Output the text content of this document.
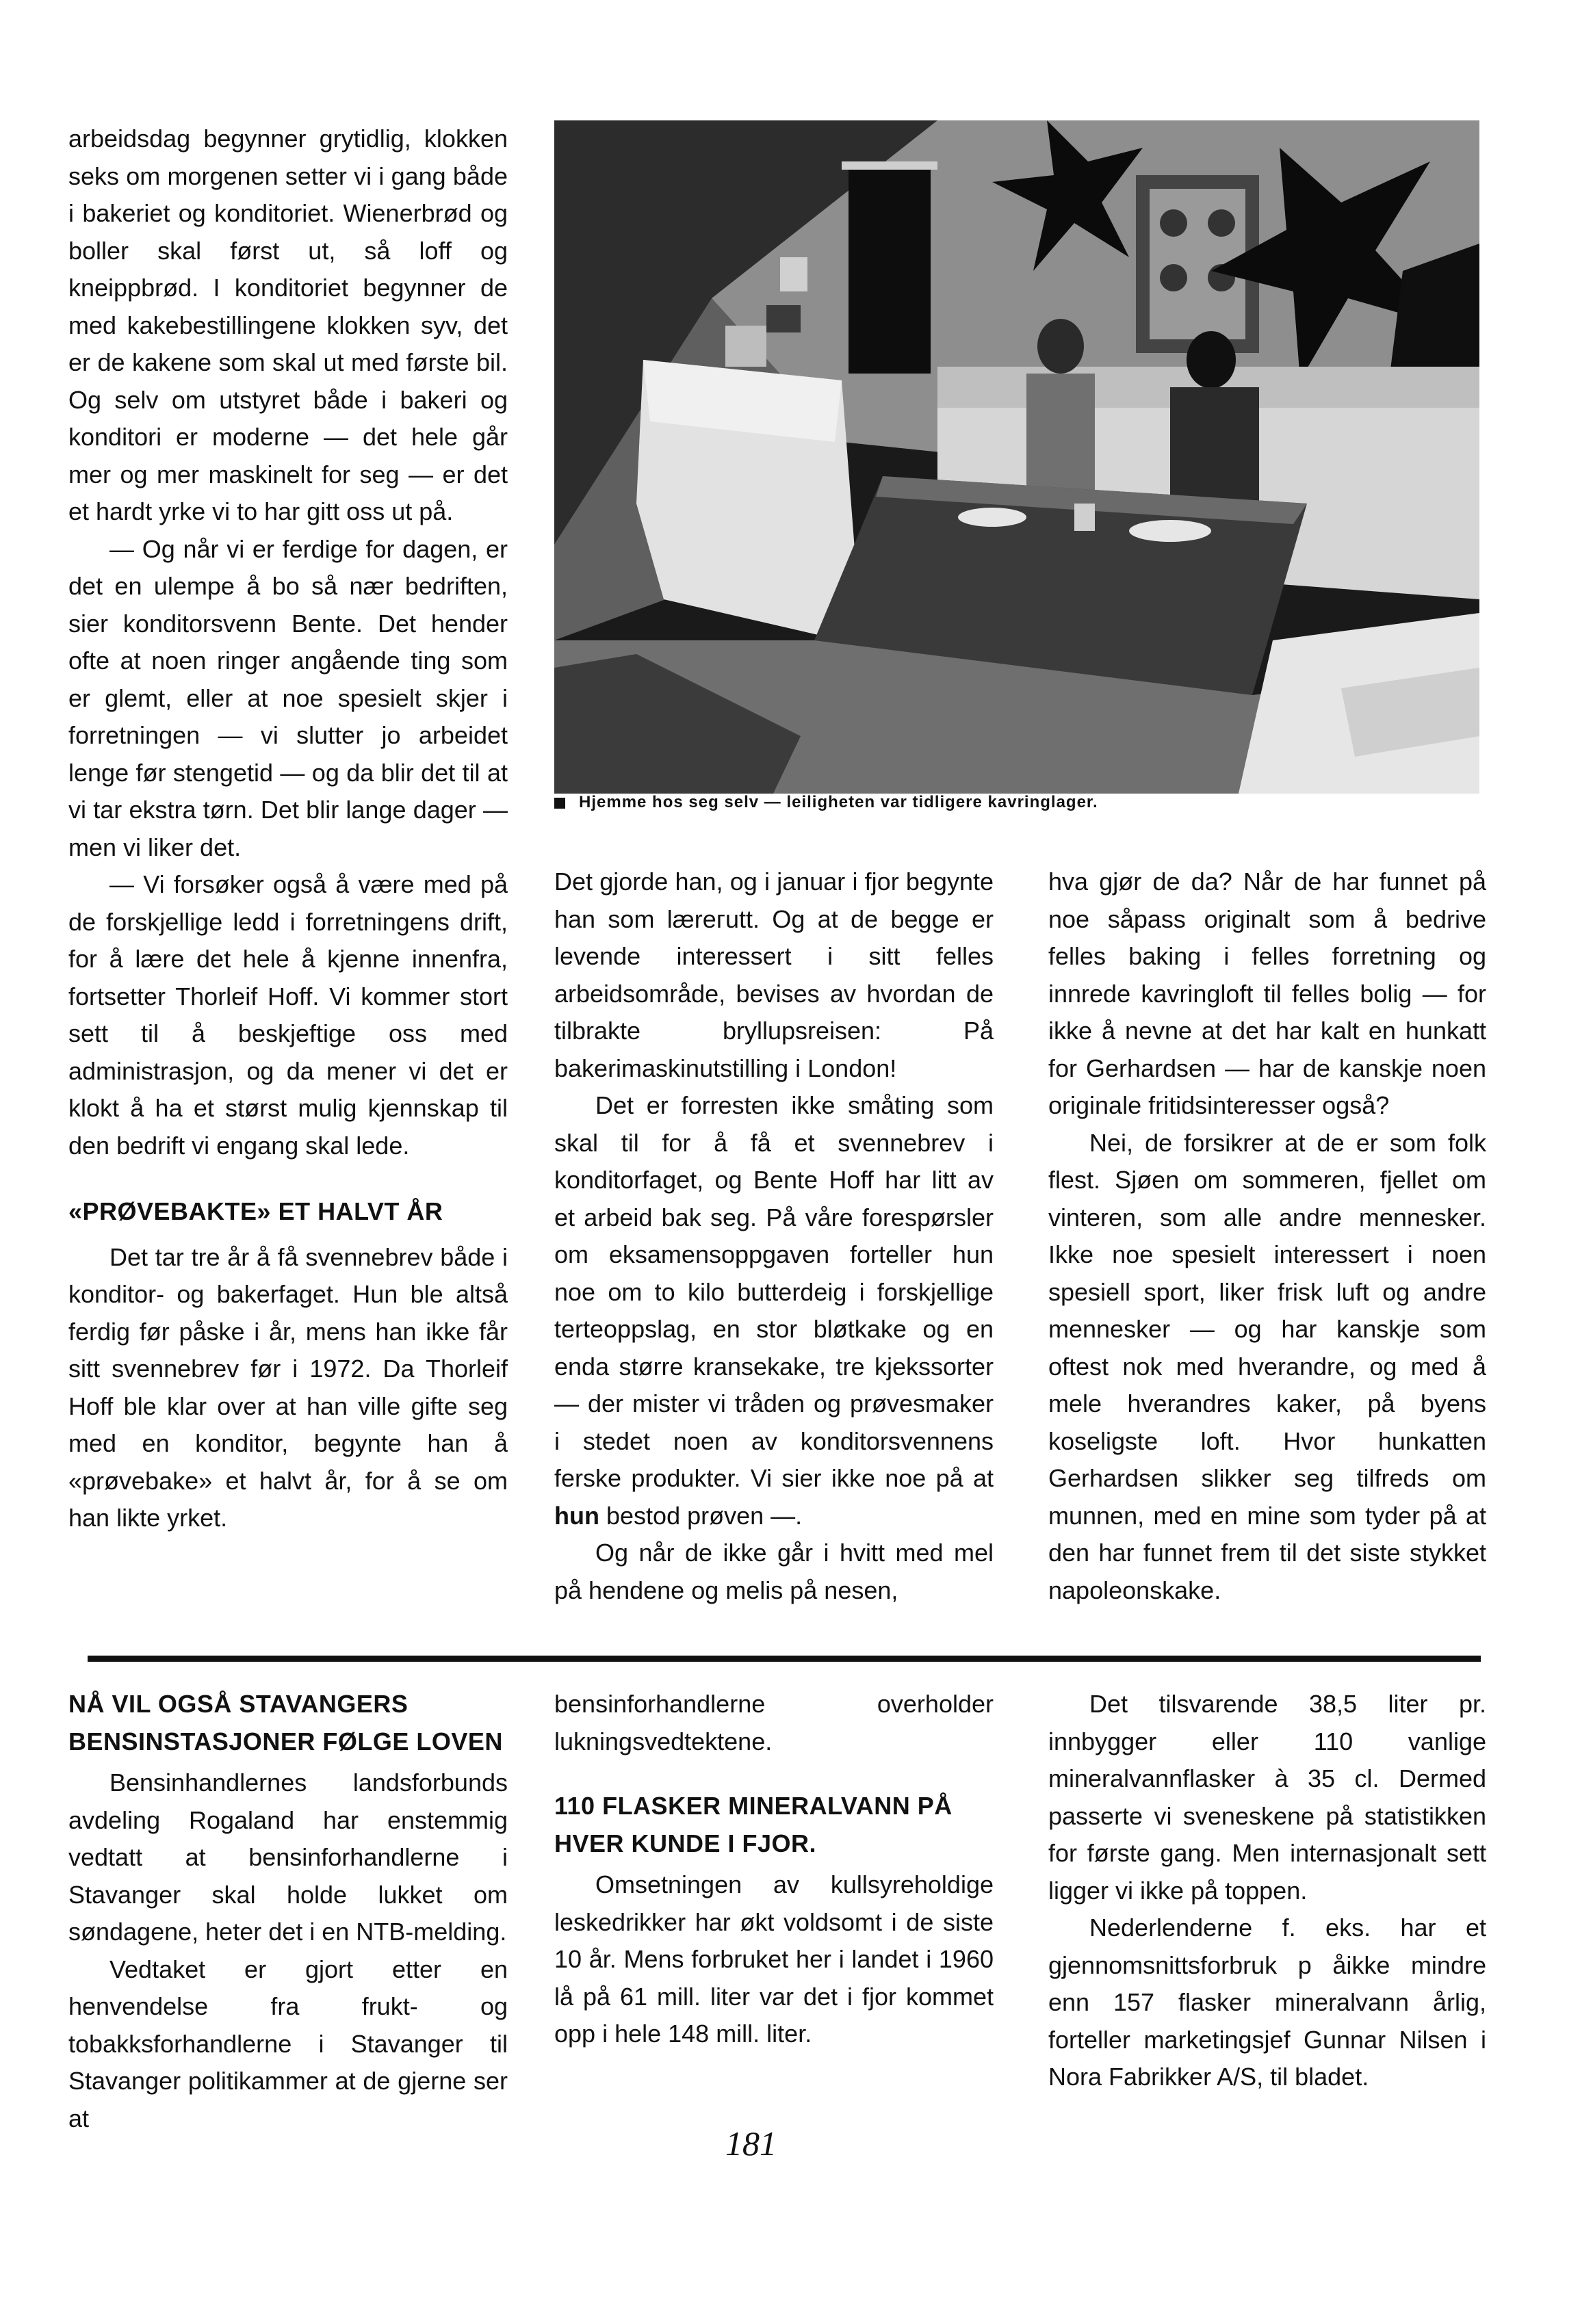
arbeidsdag begynner grytidlig, klokken seks om morgenen setter vi i gang både i bakeriet og konditoriet. Wienerbrød og boller skal først ut, så loff og kneippbrød. I konditoriet begynner de med kakebestillingene klokken syv, det er de kakene som skal ut med første bil. Og selv om utstyret både i bakeri og konditori er moderne — det hele går mer og mer maskinelt for seg — er det et hardt yrke vi to har gitt oss ut på.

— Og når vi er ferdige for dagen, er det en ulempe å bo så nær bedriften, sier konditorsvenn Bente. Det hender ofte at noen ringer angående ting som er glemt, eller at noe spesielt skjer i forretningen — vi slutter jo arbeidet lenge før stengetid — og da blir det til at vi tar ekstra tørn. Det blir lange dager — men vi liker det.

— Vi forsøker også å være med på de forskjellige ledd i forretningens drift, for å lære det hele å kjenne innenfra, fortsetter Thorleif Hoff. Vi kommer stort sett til å beskjeftige oss med administrasjon, og da mener vi det er klokt å ha et størst mulig kjennskap til den bedrift vi engang skal lede.

«PRØVEBAKTE» ET HALVT ÅR

Det tar tre år å få svennebrev både i konditor- og bakerfaget. Hun ble altså ferdig før påske i år, mens han ikke får sitt svennebrev før i 1972. Da Thorleif Hoff ble klar over at han ville gifte seg med en konditor, begynte han å «prøvebake» et halvt år, for å se om han likte yrket.

Hjemme hos seg selv — leiligheten var tidligere kavringlager.

Det gjorde han, og i januar i fjor begynte han som lærегutt. Og at de begge er levende interessert i sitt felles arbeidsområde, bevises av hvordan de tilbrakte bryllupsreisen: På bakerimaskinutstilling i London!

Det er forresten ikke småting som skal til for å få et svennebrev i konditorfaget, og Bente Hoff har litt av et arbeid bak seg. På våre forespørsler om eksamensoppgaven forteller hun noe om to kilo butterdeig i forskjellige terteoppslag, en stor bløtkake og en enda større kransekake, tre kjekssorter — der mister vi tråden og prøvesmaker i stedet noen av konditorsvennens ferske produkter. Vi sier ikke noe på at hun bestod prøven —.

Og når de ikke går i hvitt med mel på hendene og melis på nesen,

hva gjør de da? Når de har funnet på noe såpass originalt som å bedrive felles baking i felles forretning og innrede kavringloft til felles bolig — for ikke å nevne at det har kalt en hunkatt for Gerhardsen — har de kanskje noen originale fritidsinteresser også?

Nei, de forsikrer at de er som folk flest. Sjøen om sommeren, fjellet om vinteren, som alle andre mennesker. Ikke noe spesielt interessert i noen spesiell sport, liker frisk luft og andre mennesker — og har kanskje som oftest nok med hverandre, og med å mele hverandres kaker, på byens koseligste loft. Hvor hunkatten Gerhardsen slikker seg tilfreds om munnen, med en mine som tyder på at den har funnet frem til det siste stykket napoleonskake.

NÅ VIL OGSÅ STAVANGERS BENSINSTASJONER FØLGE LOVEN

Bensinhandlernes landsforbunds avdeling Rogaland har enstemmig vedtatt at bensinforhandlerne i Stavanger skal holde lukket om søndagene, heter det i en NTB-melding.

Vedtaket er gjort etter en henvendelse fra frukt- og tobakksforhandlerne i Stavanger til Stavanger politikammer at de gjerne ser at

bensinforhandlerne overholder lukningsvedtektene.

110 FLASKER MINERALVANN PÅ HVER KUNDE I FJOR.

Omsetningen av kullsyreholdige leskedrikker har økt voldsomt i de siste 10 år. Mens forbruket her i landet i 1960 lå på 61 mill. liter var det i fjor kommet opp i hele 148 mill. liter.

Det tilsvarende 38,5 liter pr. innbygger eller 110 vanlige mineralvannflasker à 35 cl. Dermed passerte vi sveneskene på statistikken for første gang. Men internasjonalt sett ligger vi ikke på toppen.

Nederlenderne f. eks. har et gjennomsnittsforbruk p åikke mindre enn 157 flasker mineralvann årlig, forteller marketingsjef Gunnar Nilsen i Nora Fabrikker A/S, til bladet.

181
